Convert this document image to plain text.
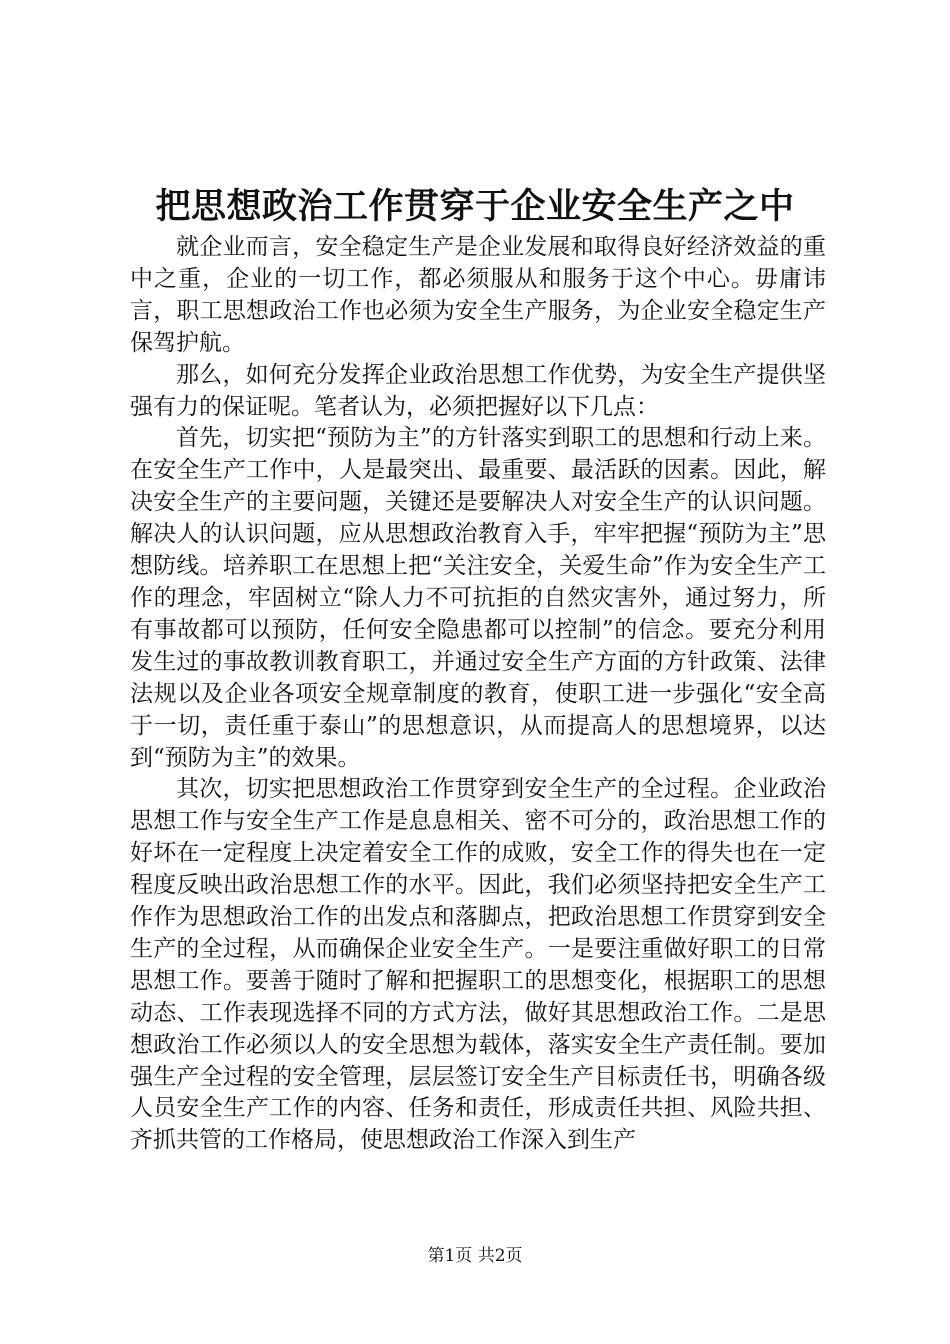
把思想政治工作贯穿于企业安全生产之中

就企业而言，安全稳定生产是企业发展和取得良好经济效益的重中之重，企业的一切工作，都必须服从和服务于这个中心。毋庸讳言，职工思想政治工作也必须为安全生产服务，为企业安全稳定生产保驾护航。

那么，如何充分发挥企业政治思想工作优势，为安全生产提供坚强有力的保证呢。笔者认为，必须把握好以下几点：

首先，切实把“预防为主”的方针落实到职工的思想和行动上来。在安全生产工作中，人是最突出、最重要、最活跃的因素。因此，解决安全生产的主要问题，关键还是要解决人对安全生产的认识问题。解决人的认识问题，应从思想政治教育入手，牢牢把握“预防为主”思想防线。培养职工在思想上把“关注安全，关爱生命”作为安全生产工作的理念，牢固树立“除人力不可抗拒的自然灾害外，通过努力，所有事故都可以预防，任何安全隐患都可以控制”的信念。要充分利用发生过的事故教训教育职工，并通过安全生产方面的方针政策、法律法规以及企业各项安全规章制度的教育，使职工进一步强化“安全高于一切，责任重于泰山”的思想意识，从而提高人的思想境界，以达到“预防为主”的效果。

其次，切实把思想政治工作贯穿到安全生产的全过程。企业政治思想工作与安全生产工作是息息相关、密不可分的，政治思想工作的好坏在一定程度上决定着安全工作的成败，安全工作的得失也在一定程度反映出政治思想工作的水平。因此，我们必须坚持把安全生产工作作为思想政治工作的出发点和落脚点，把政治思想工作贯穿到安全生产的全过程，从而确保企业安全生产。一是要注重做好职工的日常思想工作。要善于随时了解和把握职工的思想变化，根据职工的思想动态、工作表现选择不同的方式方法，做好其思想政治工作。二是思想政治工作必须以人的安全思想为载体，落实安全生产责任制。要加强生产全过程的安全管理，层层签订安全生产目标责任书，明确各级人员安全生产工作的内容、任务和责任，形成责任共担、风险共担、齐抓共管的工作格局，使思想政治工作深入到生产

第1页 共2页
